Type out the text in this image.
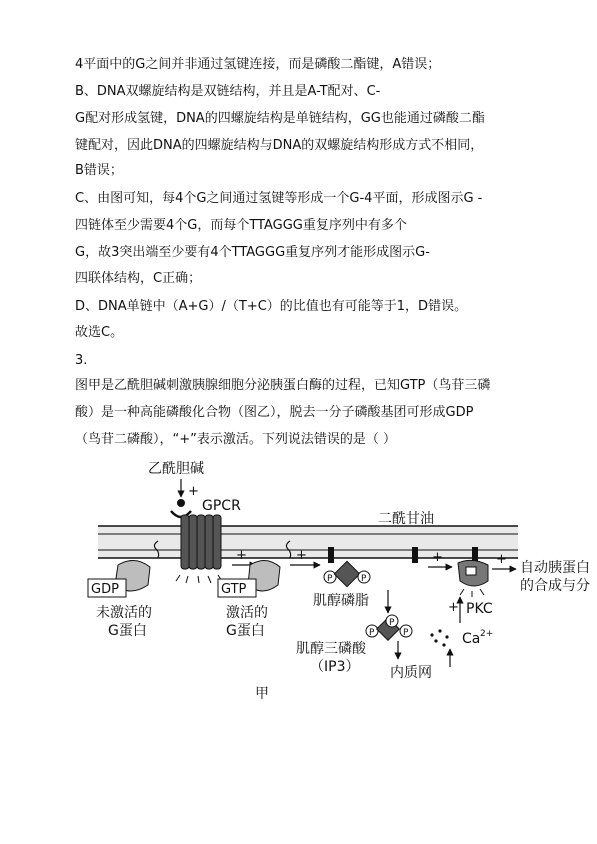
4平面中的G之间并非通过氢键连接，而是磷酸二酯键，A错误；
B、DNA双螺旋结构是双链结构，并且是A-T配对、C-
G配对形成氢键，DNA的四螺旋结构是单链结构，GG也能通过磷酸二酯
键配对，因此DNA的四螺旋结构与DNA的双螺旋结构形成方式不相同，
B错误；
C、由图可知，每4个G之间通过氢键等形成一个G-4平面，形成图示G -
四链体至少需要4个G，而每个TTAGGG重复序列中有多个
G，故3突出端至少要有4个TTAGGG重复序列才能形成图示G-
四联体结构，C正确；
D、DNA单链中（A+G）/（T+C）的比值也有可能等于1，D错误。
故选C。
3.
图甲是乙酰胆碱刺激胰腺细胞分泌胰蛋白酶的过程，已知GTP（鸟苷三磷
酸）是一种高能磷酸化合物（图乙），脱去一分子磷酸基团可形成GDP
（鸟苷二磷酸），“+”表示激活。下列说法错误的是（ ）
乙酰胆碱
+
GPCR
二酰甘油
GDP
未激活的
G蛋白
+
GTP
激活的
G蛋白
+
P	P
肌醇磷脂
P
P
P
肌醇三磷酸
（IP3） 内质网
+
PKC
Ca 2+
+
+
自动胰蛋白
的合成与分
甲
